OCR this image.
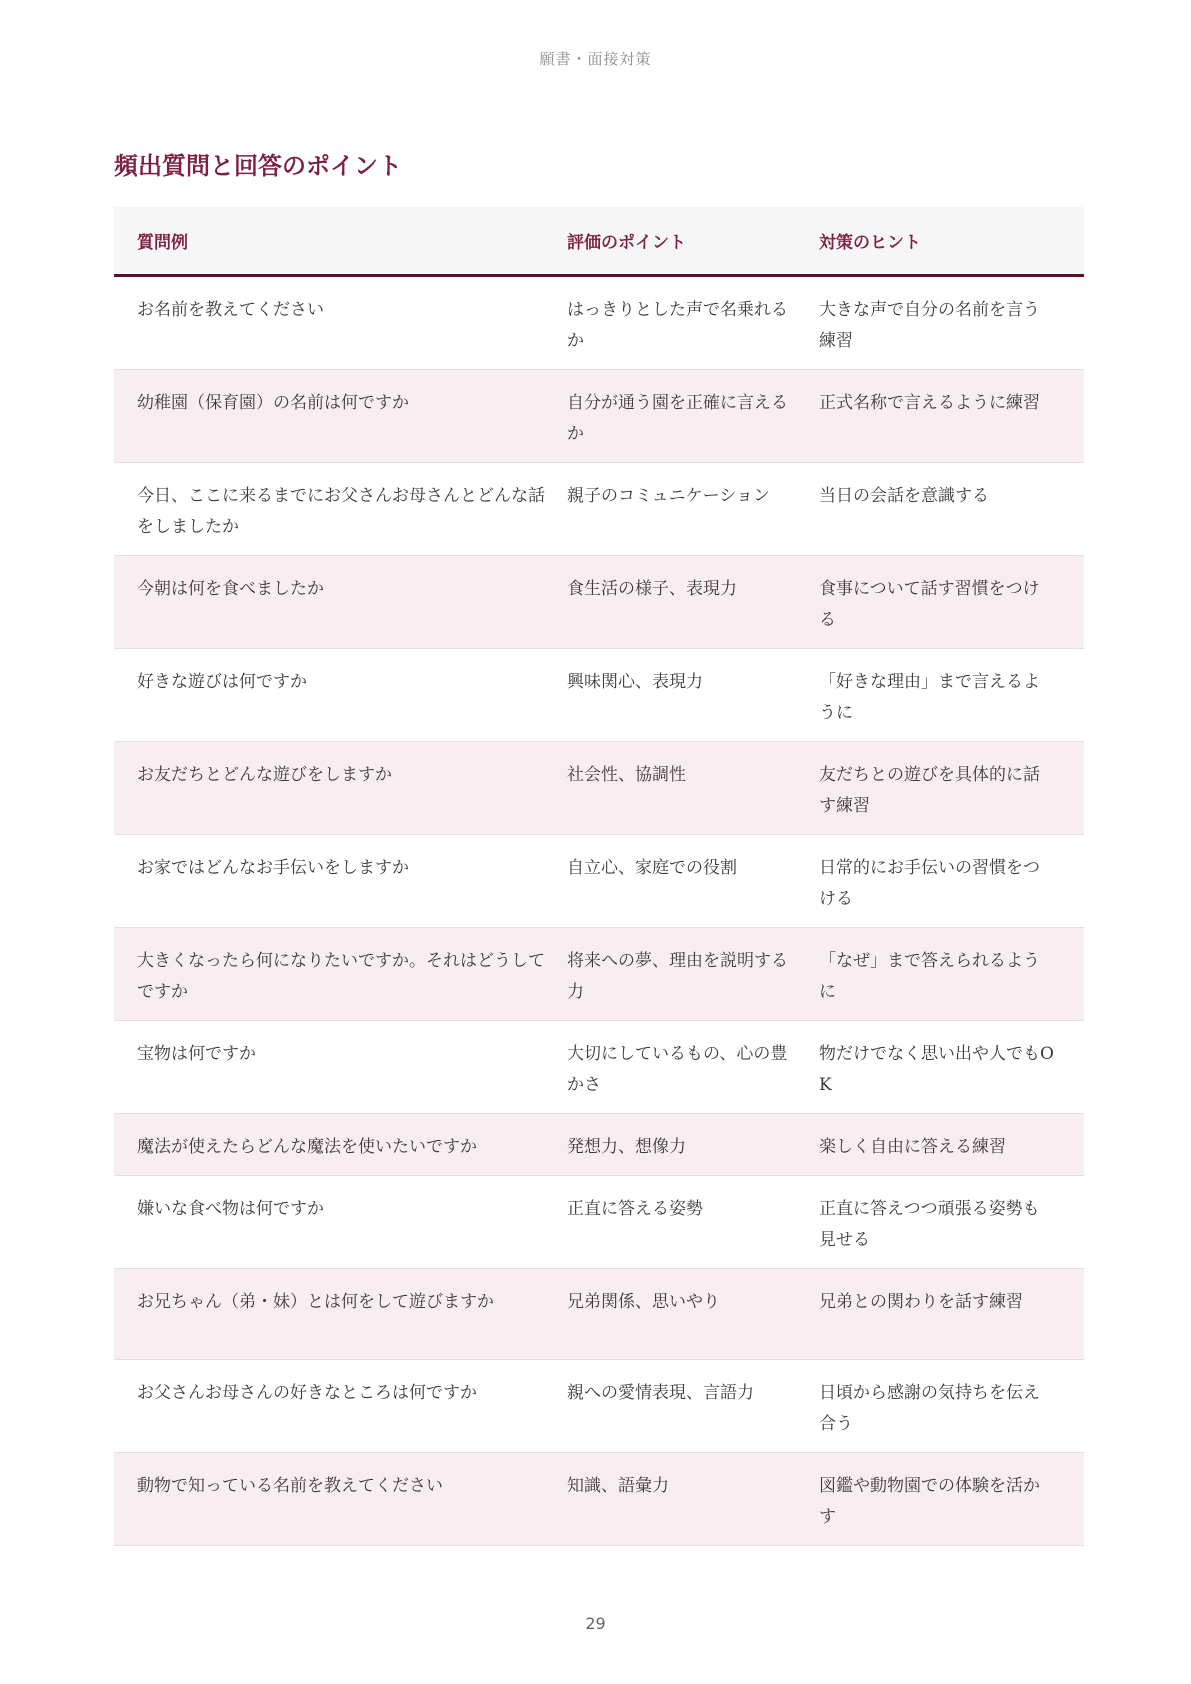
願書・面接対策
頻出質問と回答のポイント
質問例	評価のポイント	対策のヒント
お名前を教えてください	はっきりとした声で名乗れるか	大きな声で自分の名前を言う練習
幼稚園（保育園）の名前は何ですか	自分が通う園を正確に言えるか	正式名称で言えるように練習
今日、ここに来るまでにお父さんお母さんとどんな話をしましたか	親子のコミュニケーション	当日の会話を意識する
今朝は何を食べましたか	食生活の様子、表現力	食事について話す習慣をつける
好きな遊びは何ですか	興味関心、表現力	「好きな理由」まで言えるように
お友だちとどんな遊びをしますか	社会性、協調性	友だちとの遊びを具体的に話す練習
お家ではどんなお手伝いをしますか	自立心、家庭での役割	日常的にお手伝いの習慣をつける
大きくなったら何になりたいですか。それはどうしてですか	将来への夢、理由を説明する力	「なぜ」まで答えられるように
宝物は何ですか	大切にしているもの、心の豊かさ	物だけでなく思い出や人でもOK
魔法が使えたらどんな魔法を使いたいですか	発想力、想像力	楽しく自由に答える練習
嫌いな食べ物は何ですか	正直に答える姿勢	正直に答えつつ頑張る姿勢も見せる
お兄ちゃん（弟・妹）とは何をして遊びますか	兄弟関係、思いやり	兄弟との関わりを話す練習
お父さんお母さんの好きなところは何ですか	親への愛情表現、言語力	日頃から感謝の気持ちを伝え合う
動物で知っている名前を教えてください	知識、語彙力	図鑑や動物園での体験を活かす
29
